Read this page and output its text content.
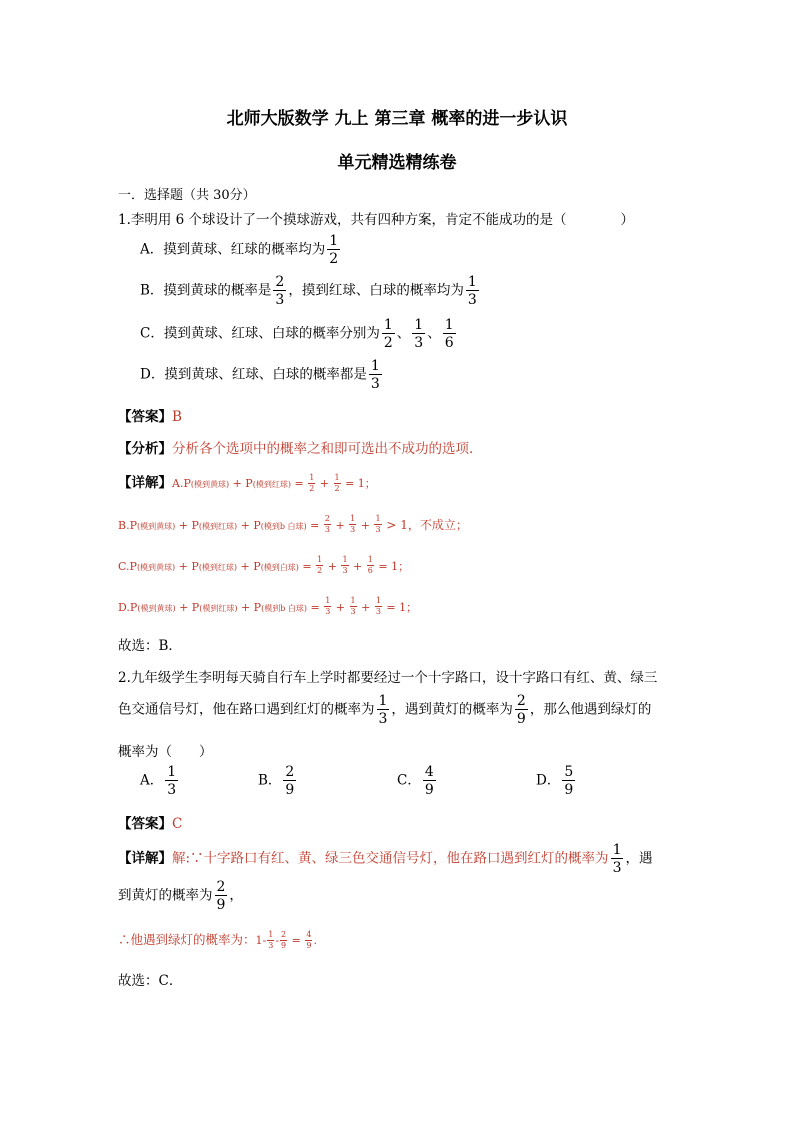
北师大版数学 九上 第三章 概率的进一步认识
单元精选精练卷
一．选择题（共 30分）
1.李明用 6 个球设计了一个摸球游戏，共有四种方案，肯定不能成功的是（　　　　）
A．摸到黄球、红球的概率均为 $\frac{1}{2}$
B．摸到黄球的概率是 $\frac{2}{3}$ ，摸到红球、白球的概率均为 $\frac{1}{3}$
C．摸到黄球、红球、白球的概率分别为 $\frac{1}{2}$ 、 $\frac{1}{3}$ 、 $\frac{1}{6}$
D．摸到黄球、红球、白球的概率都是 $\frac{1}{3}$
【答案】B
【分析】分析各个选项中的概率之和即可选出不成功的选项．
【详解】A.P(模到黄球) + P(模到红球) = $\frac{1}{2} + \frac{1}{2} = 1$；
B.P(模到黄球) + P(模到红球) + P(模到b 白球) = $\frac{2}{3} + \frac{1}{3} + \frac{1}{3} > 1$，不成立；
C.P(模到黄球) + P(模到红球) + P(模到白球) = $\frac{1}{2} + \frac{1}{3} + \frac{1}{6} = 1$；
D.P(模到黄球) + P(模到红球) + P(模到b 白球) = $\frac{1}{3} + \frac{1}{3} + \frac{1}{3} = 1$；
故选：B．
2.九年级学生李明每天骑自行车上学时都要经过一个十字路口，设十字路口有红、黄、绿三
色交通信号灯，他在路口遇到红灯的概率为 $\frac{1}{3}$ ，遇到黄灯的概率为 $\frac{2}{9}$ ，那么他遇到绿灯的
概率为（　　）
A． $\frac{1}{3}$	B． $\frac{2}{9}$	C． $\frac{4}{9}$	D． $\frac{5}{9}$
【答案】C
【详解】解:∵十字路口有红、黄、绿三色交通信号灯，他在路口遇到红灯的概率为 $\frac{1}{3}$ ，遇
到黄灯的概率为 $\frac{2}{9}$ ，
∴他遇到绿灯的概率为：$1- \frac{1}{3} - \frac{2}{9} = \frac{4}{9}$ .
故选：C．
